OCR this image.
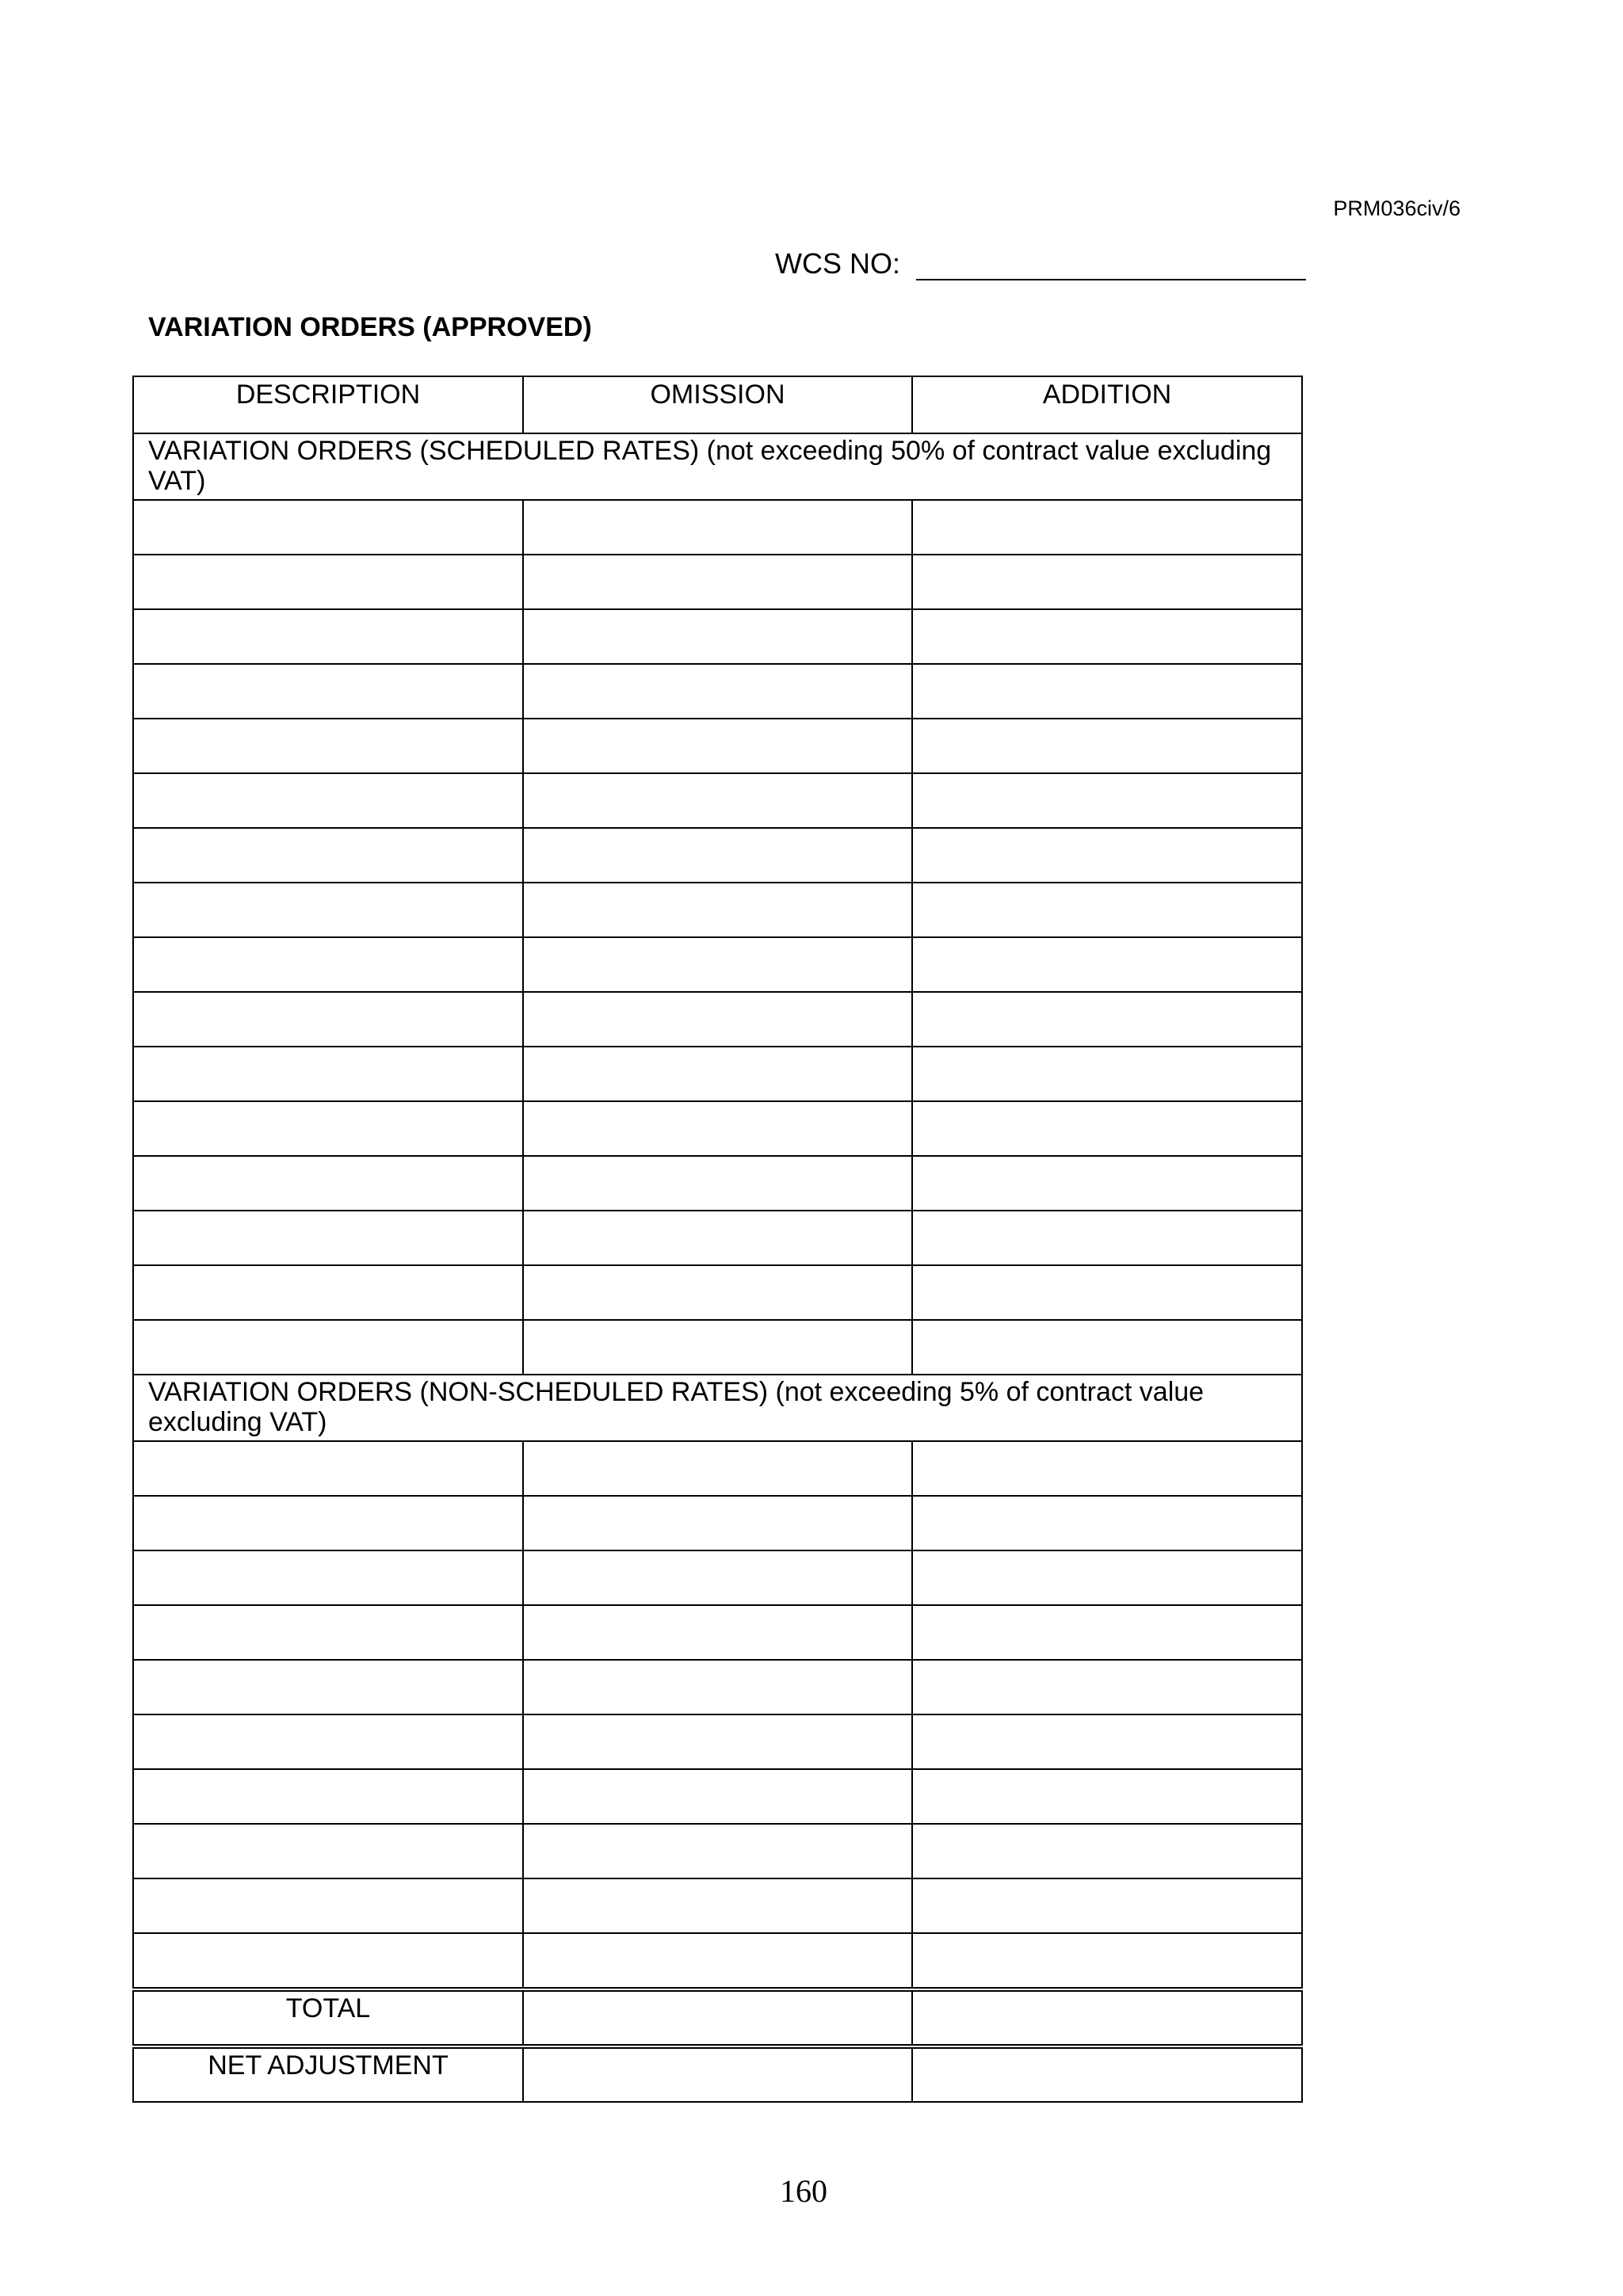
PRM036civ/6
WCS NO:
VARIATION ORDERS (APPROVED)
DESCRIPTION	OMISSION	ADDITION
VARIATION ORDERS (SCHEDULED RATES) (not exceeding 50% of contract value excluding VAT)		

VARIATION ORDERS (NON-SCHEDULED RATES) (not exceeding 5% of contract value excluding VAT)		

TOTAL		
NET ADJUSTMENT		
160
